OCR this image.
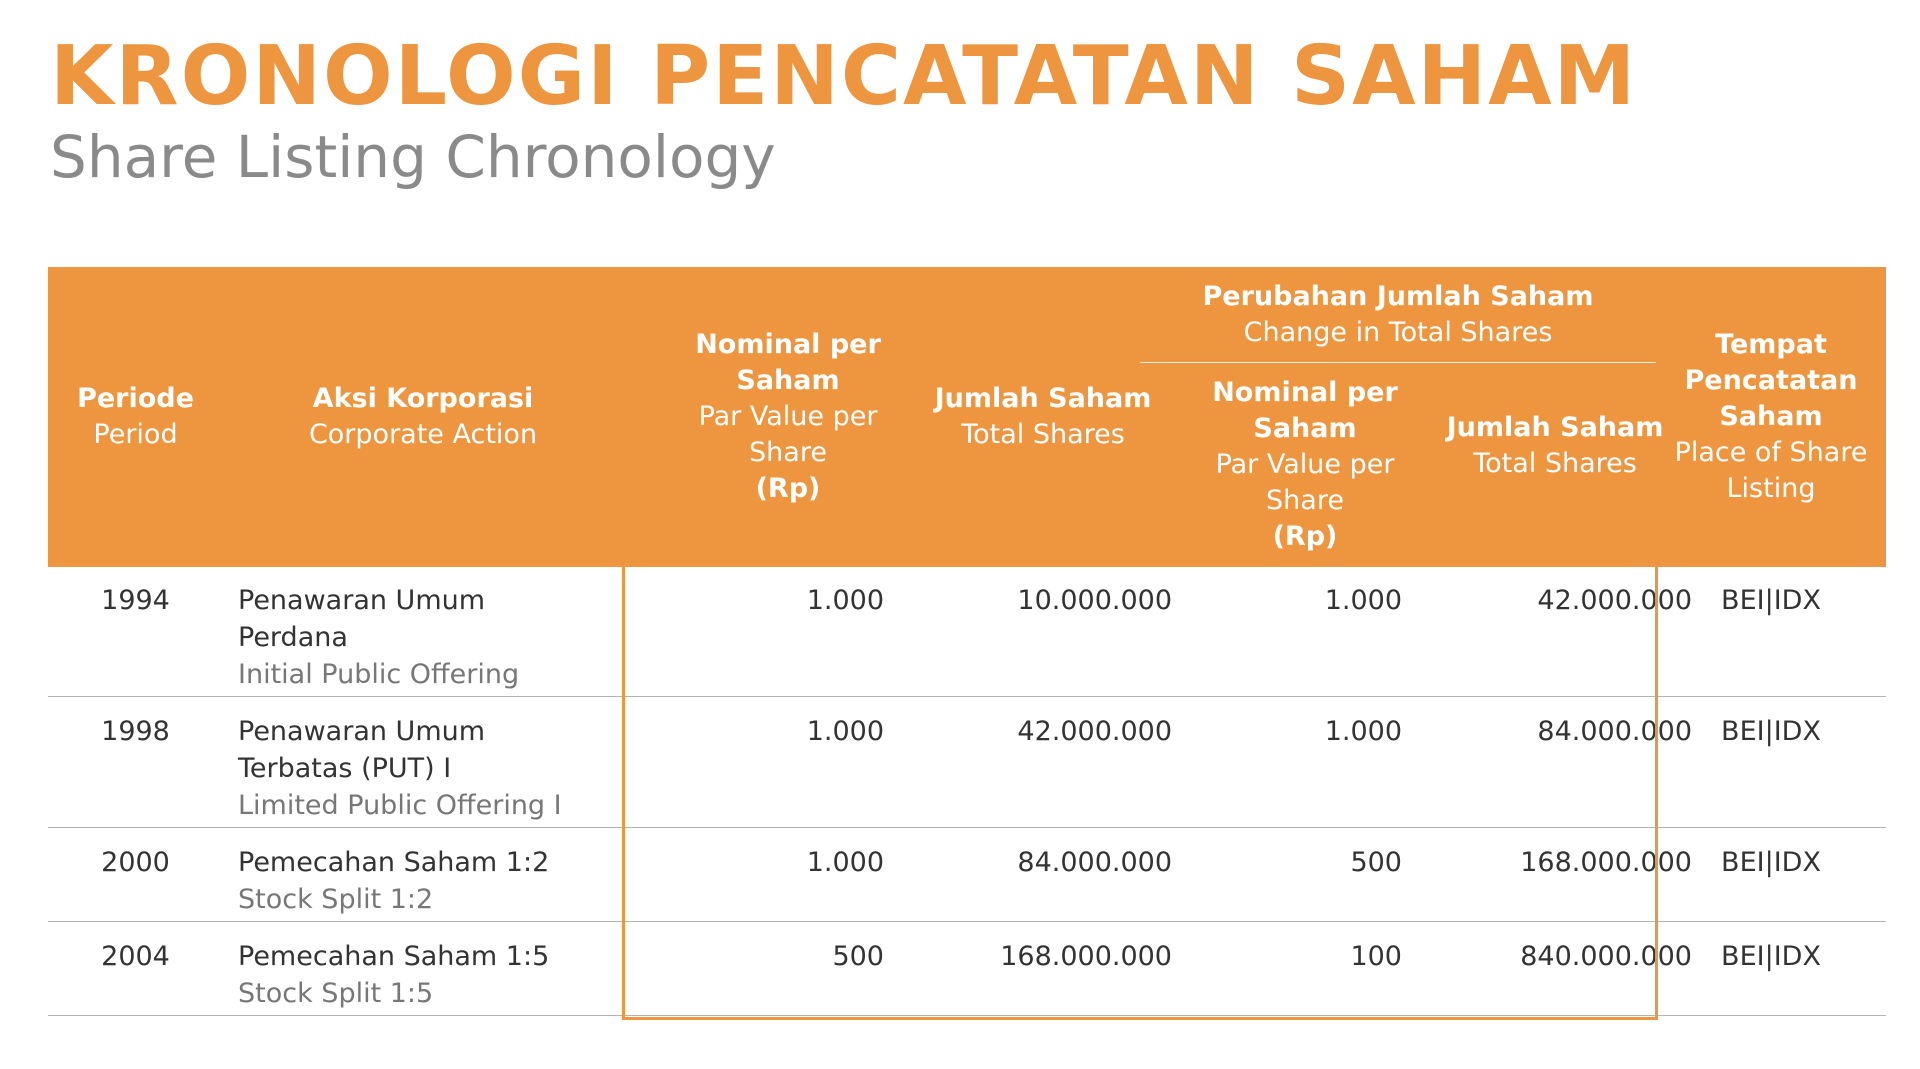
KRONOLOGI PENCATATAN SAHAM
Share Listing Chronology
Periode
Period
Aksi Korporasi
Corporate Action
Nominal per
Saham
Par Value per
Share
(Rp)
Jumlah Saham
Total Shares
Perubahan Jumlah Saham
Change in Total Shares
Nominal per
Saham
Par Value per
Share
(Rp)
Jumlah Saham
Total Shares
Tempat
Pencatatan
Saham
Place of Share
Listing
1994	Penawaran Umum
Perdana
Initial Public Offering
1.000	10.000.000	1.000	42.000.000	BEI|IDX
1998	Penawaran Umum
Terbatas (PUT) I
Limited Public Offering I
1.000	42.000.000	1.000	84.000.000	BEI|IDX
2000	Pemecahan Saham 1:2
Stock Split 1:2
1.000	84.000.000	500	168.000.000	BEI|IDX
2004	Pemecahan Saham 1:5
Stock Split 1:5
500	168.000.000	100	840.000.000	BEI|IDX
